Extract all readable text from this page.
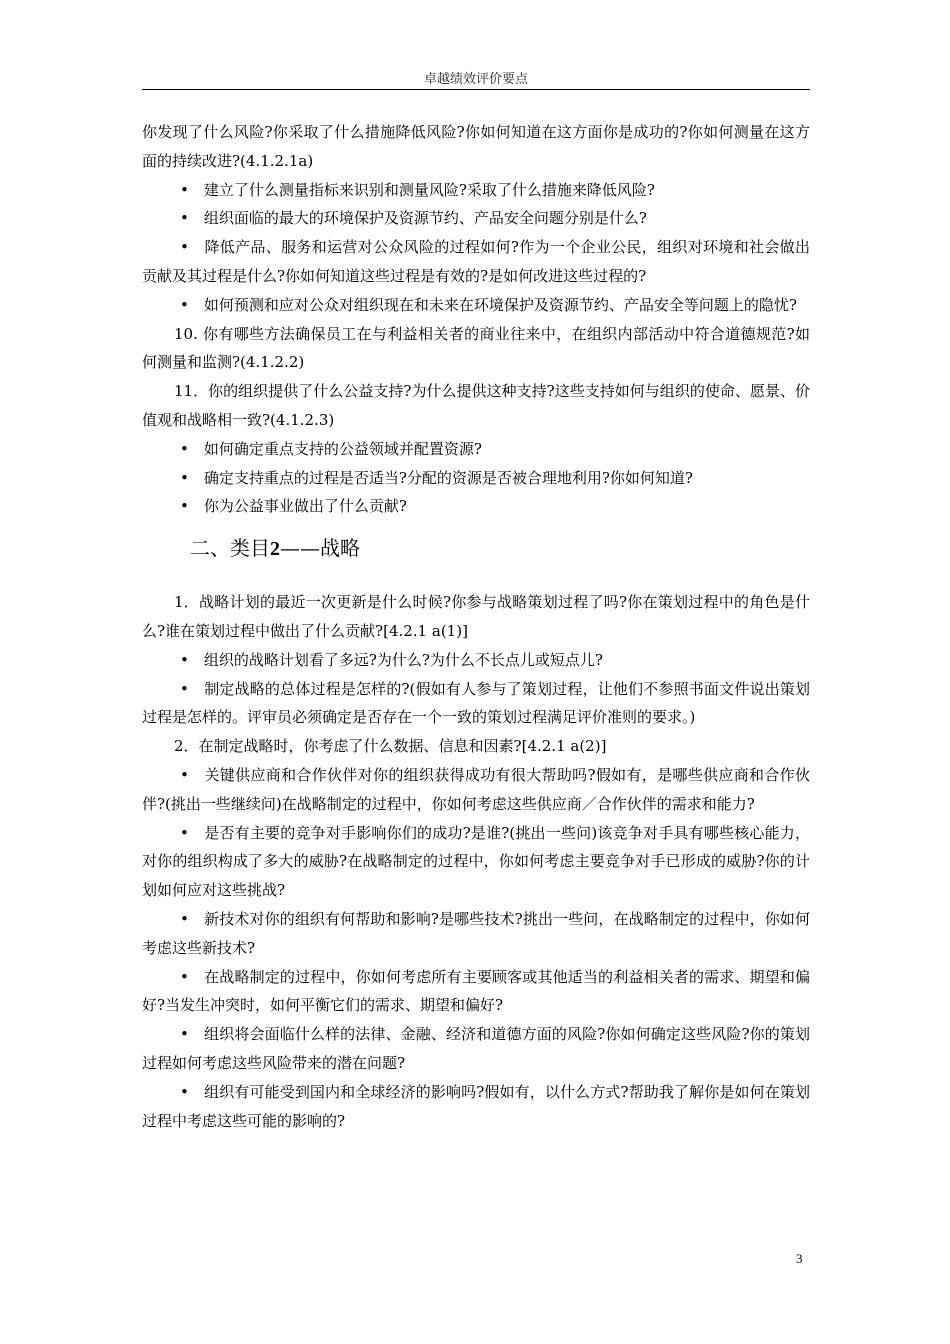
卓越绩效评价要点

你发现了什么风险?你采取了什么措施降低风险?你如何知道在这方面你是成功的?你如何测量在这方面的持续改进?(4.1.2.1a)

•　建立了什么测量指标来识别和测量风险?采取了什么措施来降低风险?

•　组织面临的最大的环境保护及资源节约、产品安全问题分别是什么?

•　降低产品、服务和运营对公众风险的过程如何?作为一个企业公民，组织对环境和社会做出贡献及其过程是什么?你如何知道这些过程是有效的?是如何改进这些过程的?

•　如何预测和应对公众对组织现在和未来在环境保护及资源节约、产品安全等问题上的隐忧?

10. 你有哪些方法确保员工在与利益相关者的商业往来中，在组织内部活动中符合道德规范?如何测量和监测?(4.1.2.2)

11．你的组织提供了什么公益支持?为什么提供这种支持?这些支持如何与组织的使命、愿景、价值观和战略相一致?(4.1.2.3)

•　如何确定重点支持的公益领域并配置资源?

•　确定支持重点的过程是否适当?分配的资源是否被合理地利用?你如何知道?

•　你为公益事业做出了什么贡献?

二、类目2——战略

1．战略计划的最近一次更新是什么时候?你参与战略策划过程了吗?你在策划过程中的角色是什么?谁在策划过程中做出了什么贡献?[4.2.1 a(1)]

•　组织的战略计划看了多远?为什么?为什么不长点儿或短点儿?

•　制定战略的总体过程是怎样的?(假如有人参与了策划过程，让他们不参照书面文件说出策划过程是怎样的。评审员必须确定是否存在一个一致的策划过程满足评价准则的要求。)

2．在制定战略时，你考虑了什么数据、信息和因素?[4.2.1 a(2)]

•　关键供应商和合作伙伴对你的组织获得成功有很大帮助吗?假如有，是哪些供应商和合作伙伴?(挑出一些继续问)在战略制定的过程中，你如何考虑这些供应商／合作伙伴的需求和能力?

•　是否有主要的竞争对手影响你们的成功?是谁?(挑出一些问)该竞争对手具有哪些核心能力，对你的组织构成了多大的威胁?在战略制定的过程中，你如何考虑主要竞争对手已形成的威胁?你的计划如何应对这些挑战?

•　新技术对你的组织有何帮助和影响?是哪些技术?挑出一些问，在战略制定的过程中，你如何考虑这些新技术?

•　在战略制定的过程中，你如何考虑所有主要顾客或其他适当的利益相关者的需求、期望和偏好?当发生冲突时，如何平衡它们的需求、期望和偏好?

•　组织将会面临什么样的法律、金融、经济和道德方面的风险?你如何确定这些风险?你的策划过程如何考虑这些风险带来的潜在问题?

•　组织有可能受到国内和全球经济的影响吗?假如有，以什么方式?帮助我了解你是如何在策划过程中考虑这些可能的影响的?

3
